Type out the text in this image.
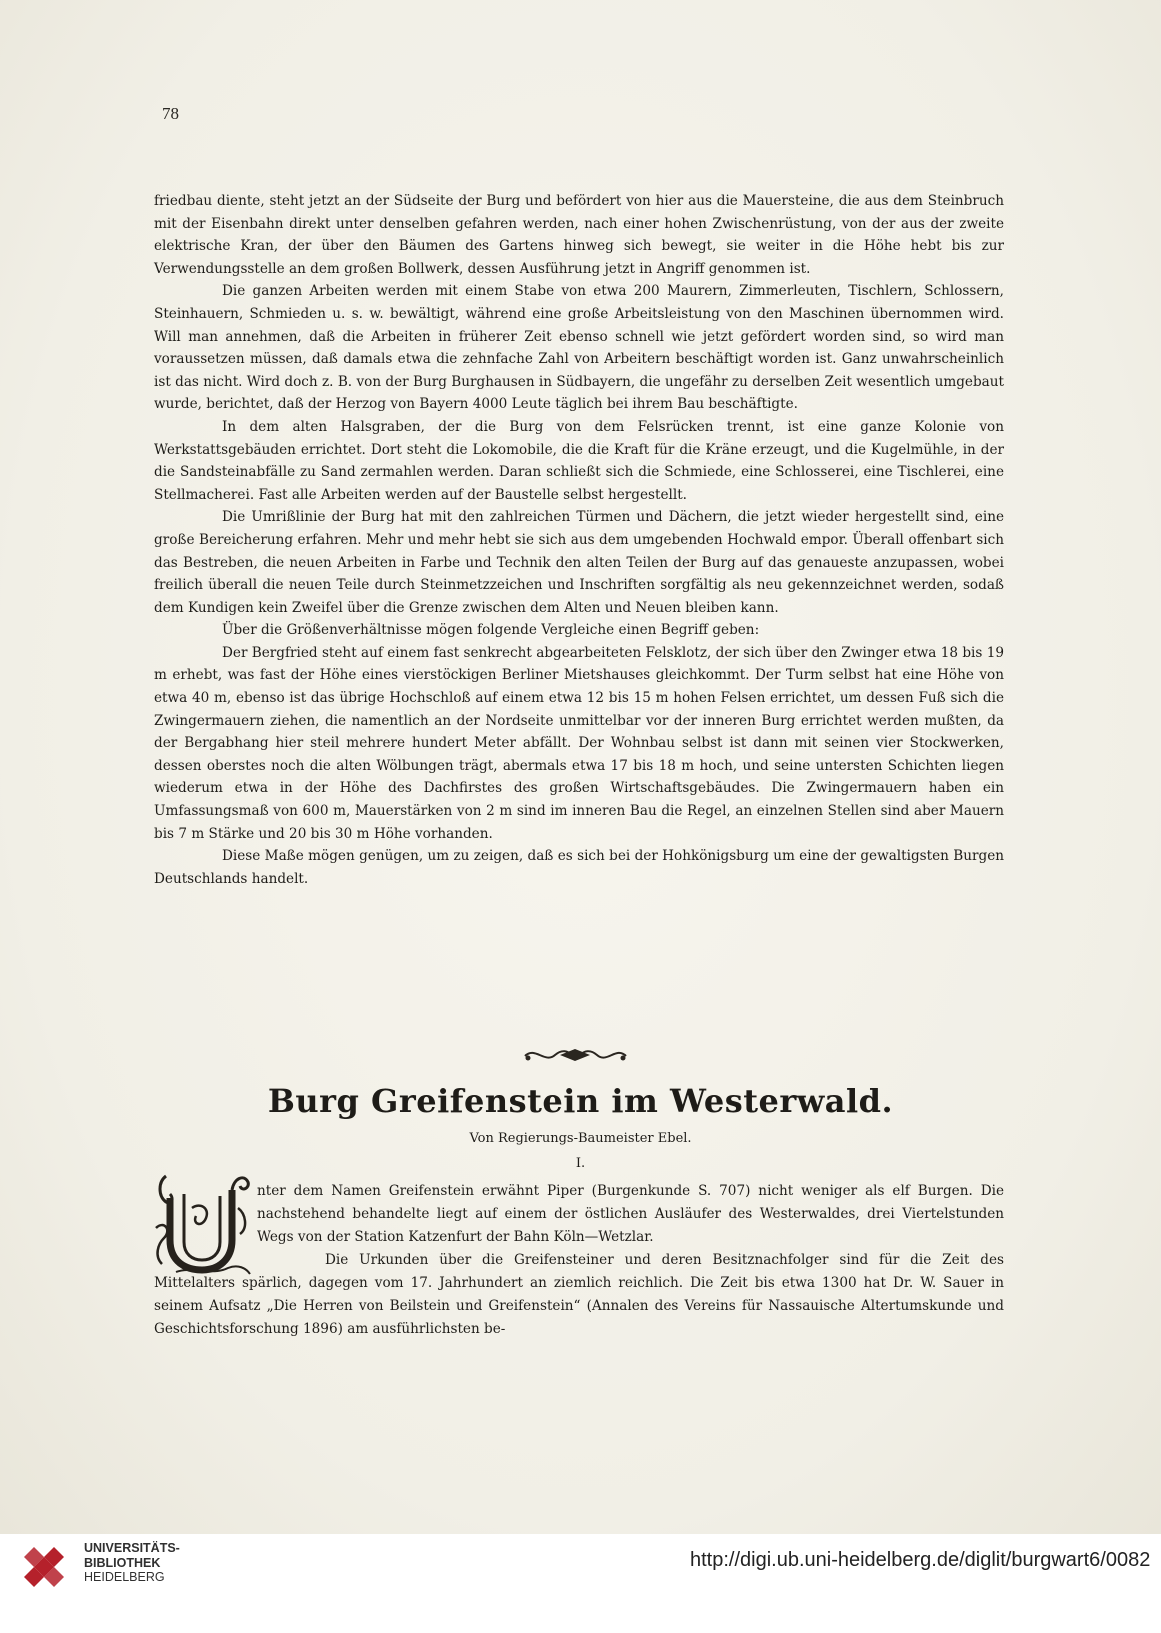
78

friedbau diente, steht jetzt an der Südseite der Burg und befördert von hier aus die Mauersteine, die aus dem Steinbruch mit der Eisenbahn direkt unter denselben gefahren werden, nach einer hohen Zwischenrüstung, von der aus der zweite elektrische Kran, der über den Bäumen des Gartens hinweg sich bewegt, sie weiter in die Höhe hebt bis zur Verwendungsstelle an dem großen Bollwerk, dessen Ausführung jetzt in Angriff genommen ist.

Die ganzen Arbeiten werden mit einem Stabe von etwa 200 Maurern, Zimmerleuten, Tischlern, Schlossern, Steinhauern, Schmieden u. s. w. bewältigt, während eine große Arbeitsleistung von den Maschinen übernommen wird. Will man annehmen, daß die Arbeiten in früherer Zeit ebenso schnell wie jetzt gefördert worden sind, so wird man voraussetzen müssen, daß damals etwa die zehnfache Zahl von Arbeitern beschäftigt worden ist. Ganz unwahrscheinlich ist das nicht. Wird doch z. B. von der Burg Burghausen in Südbayern, die ungefähr zu derselben Zeit wesentlich umgebaut wurde, berichtet, daß der Herzog von Bayern 4000 Leute täglich bei ihrem Bau beschäftigte.

In dem alten Halsgraben, der die Burg von dem Felsrücken trennt, ist eine ganze Kolonie von Werkstattsgebäuden errichtet. Dort steht die Lokomobile, die die Kraft für die Kräne erzeugt, und die Kugelmühle, in der die Sandsteinabfälle zu Sand zermahlen werden. Daran schließt sich die Schmiede, eine Schlosserei, eine Tischlerei, eine Stellmacherei. Fast alle Arbeiten werden auf der Baustelle selbst hergestellt.

Die Umrißlinie der Burg hat mit den zahlreichen Türmen und Dächern, die jetzt wieder hergestellt sind, eine große Bereicherung erfahren. Mehr und mehr hebt sie sich aus dem umgebenden Hochwald empor. Überall offenbart sich das Bestreben, die neuen Arbeiten in Farbe und Technik den alten Teilen der Burg auf das genaueste anzupassen, wobei freilich überall die neuen Teile durch Steinmetzzeichen und Inschriften sorgfältig als neu gekennzeichnet werden, sodaß dem Kundigen kein Zweifel über die Grenze zwischen dem Alten und Neuen bleiben kann.

Über die Größenverhältnisse mögen folgende Vergleiche einen Begriff geben:

Der Bergfried steht auf einem fast senkrecht abgearbeiteten Felsklotz, der sich über den Zwinger etwa 18 bis 19 m erhebt, was fast der Höhe eines vierstöckigen Berliner Mietshauses gleichkommt. Der Turm selbst hat eine Höhe von etwa 40 m, ebenso ist das übrige Hochschloß auf einem etwa 12 bis 15 m hohen Felsen errichtet, um dessen Fuß sich die Zwingermauern ziehen, die namentlich an der Nordseite unmittelbar vor der inneren Burg errichtet werden mußten, da der Bergabhang hier steil mehrere hundert Meter abfällt. Der Wohnbau selbst ist dann mit seinen vier Stockwerken, dessen oberstes noch die alten Wölbungen trägt, abermals etwa 17 bis 18 m hoch, und seine untersten Schichten liegen wiederum etwa in der Höhe des Dachfirstes des großen Wirtschaftsgebäudes. Die Zwingermauern haben ein Umfassungsmaß von 600 m, Mauerstärken von 2 m sind im inneren Bau die Regel, an einzelnen Stellen sind aber Mauern bis 7 m Stärke und 20 bis 30 m Höhe vorhanden.

Diese Maße mögen genügen, um zu zeigen, daß es sich bei der Hohkönigsburg um eine der gewaltigsten Burgen Deutschlands handelt.

Burg Greifenstein im Westerwald.
Von Regierungs-Baumeister Ebel.
I.

nter dem Namen Greifenstein erwähnt Piper (Burgenkunde S. 707) nicht weniger als elf Burgen. Die nachstehend behandelte liegt auf einem der östlichen Ausläufer des Westerwaldes, drei Viertelstunden Wegs von der Station Katzenfurt der Bahn Köln—Wetzlar.

Die Urkunden über die Greifensteiner und deren Besitznachfolger sind für die Zeit des Mittelalters spärlich, dagegen vom 17. Jahrhundert an ziemlich reichlich. Die Zeit bis etwa 1300 hat Dr. W. Sauer in seinem Aufsatz „Die Herren von Beilstein und Greifenstein“ (Annalen des Vereins für Nassauische Altertumskunde und Geschichtsforschung 1896) am ausführlichsten be-

UNIVERSITÄTS-
BIBLIOTHEK
HEIDELBERG
http://digi.ub.uni-heidelberg.de/diglit/burgwart6/0082
